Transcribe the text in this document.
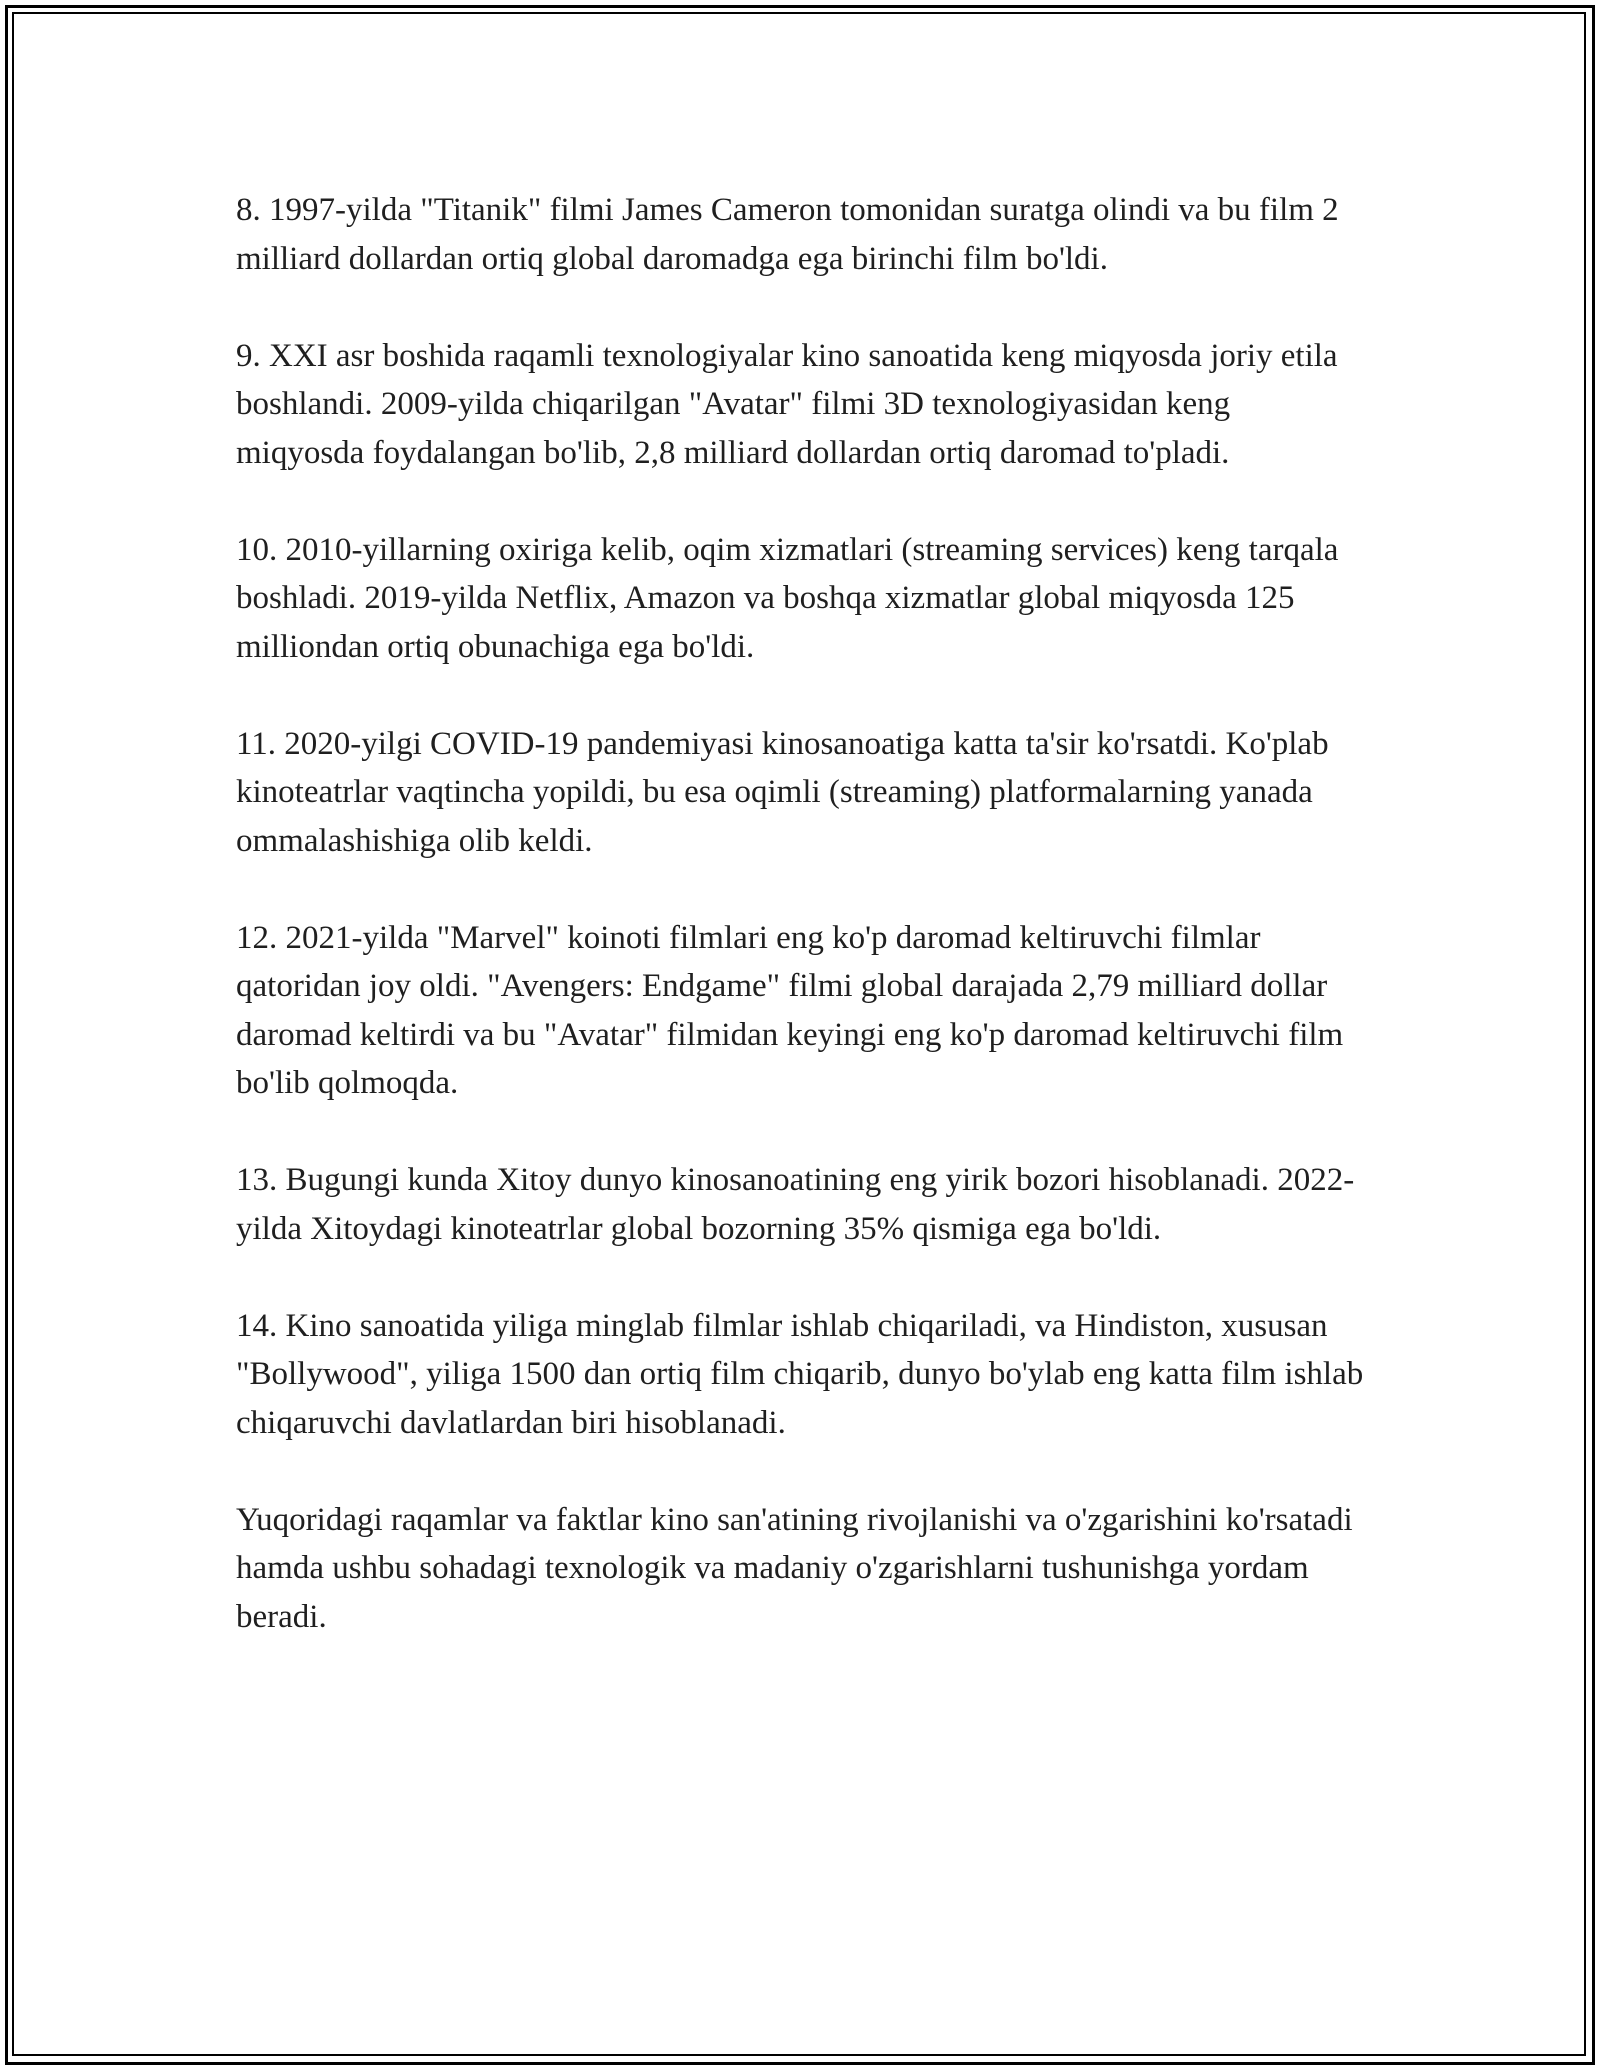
8. 1997-yilda "Titanik" filmi James Cameron tomonidan suratga olindi va bu film 2 milliard dollardan ortiq global daromadga ega birinchi film bo'ldi.

9. XXI asr boshida raqamli texnologiyalar kino sanoatida keng miqyosda joriy etila boshlandi. 2009-yilda chiqarilgan "Avatar" filmi 3D texnologiyasidan keng miqyosda foydalangan bo'lib, 2,8 milliard dollardan ortiq daromad to'pladi.

10. 2010-yillarning oxiriga kelib, oqim xizmatlari (streaming services) keng tarqala boshladi. 2019-yilda Netflix, Amazon va boshqa xizmatlar global miqyosda 125 milliondan ortiq obunachiga ega bo'ldi.

11. 2020-yilgi COVID-19 pandemiyasi kinosanoatiga katta ta'sir ko'rsatdi. Ko'plab kinoteatrlar vaqtincha yopildi, bu esa oqimli (streaming) platformalarning yanada ommalashishiga olib keldi.

12. 2021-yilda "Marvel" koinoti filmlari eng ko'p daromad keltiruvchi filmlar qatoridan joy oldi. "Avengers: Endgame" filmi global darajada 2,79 milliard dollar daromad keltirdi va bu "Avatar" filmidan keyingi eng ko'p daromad keltiruvchi film bo'lib qolmoqda.

13. Bugungi kunda Xitoy dunyo kinosanoatining eng yirik bozori hisoblanadi. 2022-yilda Xitoydagi kinoteatrlar global bozorning 35% qismiga ega bo'ldi.

14. Kino sanoatida yiliga minglab filmlar ishlab chiqariladi, va Hindiston, xususan "Bollywood", yiliga 1500 dan ortiq film chiqarib, dunyo bo'ylab eng katta film ishlab chiqaruvchi davlatlardan biri hisoblanadi.

Yuqoridagi raqamlar va faktlar kino san'atining rivojlanishi va o'zgarishini ko'rsatadi hamda ushbu sohadagi texnologik va madaniy o'zgarishlarni tushunishga yordam beradi.
